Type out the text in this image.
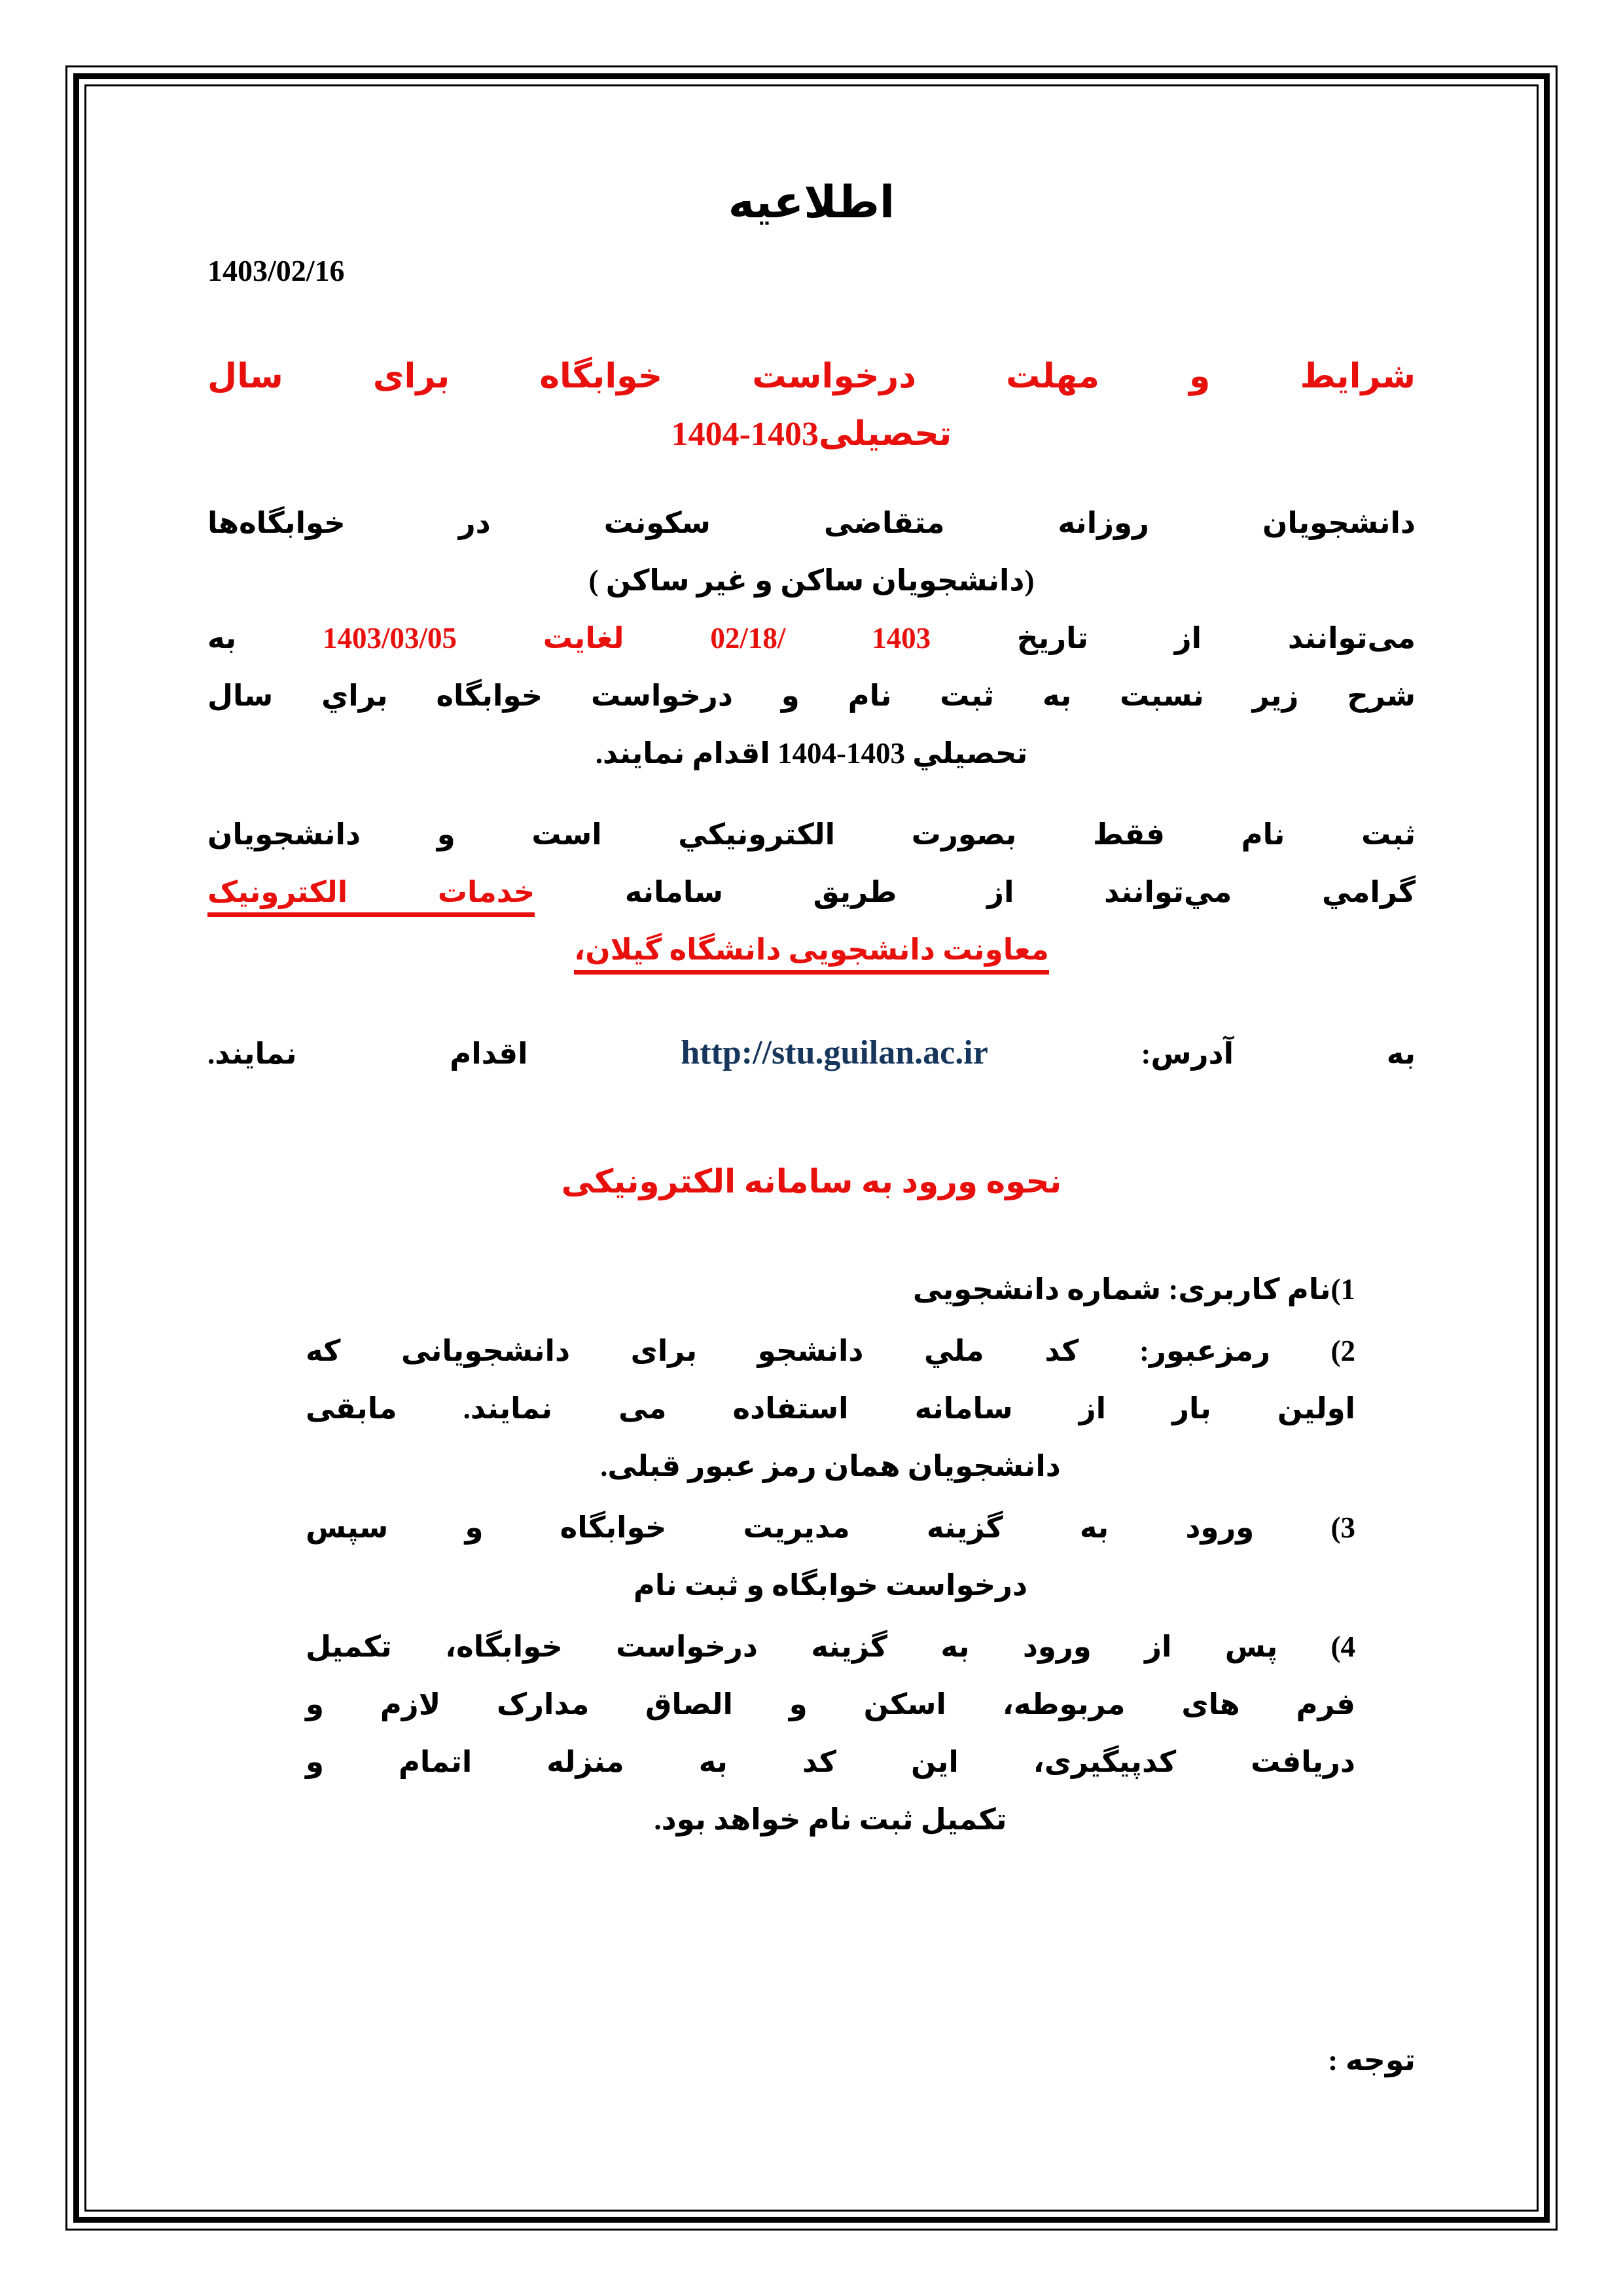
اطلاعیه
1403/02/16
شرایط و مهلت درخواست خوابگاه برای سال
تحصیلی1403-1404
دانشجویان روزانه متقاضی سکونت در خوابگاه‌ها
(دانشجویان ساکن و غیر ساکن )
می‌توانند از تاریخ 02/18/ 1403 لغایت 1403/03/05 به
شرح زیر نسبت به ثبت نام و درخواست خوابگاه براي سال
تحصیلي 1403-1404 اقدام نمایند.
ثبت نام فقط بصورت الکترونیکي است و دانشجویان
گرامي مي‌توانند از طریق سامانه خدمات الکترونیک
معاونت دانشجویی دانشگاه گیلان،
به آدرس: http://stu.guilan.ac.ir اقدام نمایند.
نحوه ورود به سامانه الکترونیکی
1)نام کاربری: شماره دانشجویی
2) رمزعبور: کد ملي دانشجو برای دانشجویانی که
اولین بار از سامانه استفاده می نمایند. مابقی
دانشجویان همان رمز عبور قبلی.
3) ورود به گزینه مدیریت خوابگاه و سپس
درخواست خوابگاه و ثبت نام
4) پس از ورود به گزینه درخواست خوابگاه، تکمیل
فرم های مربوطه، اسکن و الصاق مدارک لازم و
دریافت کدپیگیری، این کد به منزله اتمام و
تکمیل ثبت نام خواهد بود.
توجه :
